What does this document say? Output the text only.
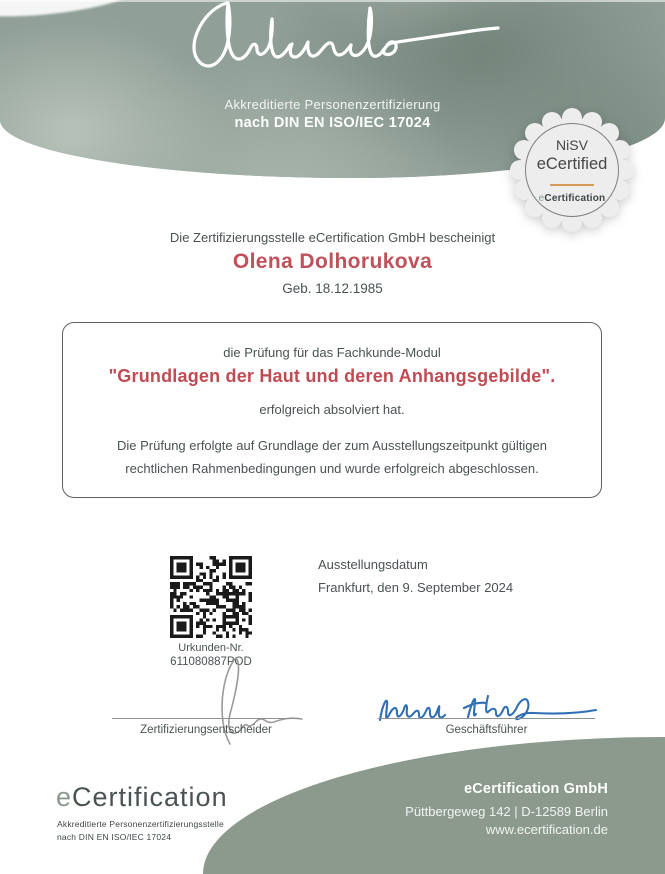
Akkreditierte Personenzertifizierung
nach DIN EN ISO/IEC 17024
NiSV
eCertified
eCertification
Die Zertifizierungsstelle eCertification GmbH bescheinigt
Olena Dolhorukova
Geb. 18.12.1985
die Prüfung für das Fachkunde-Modul
"Grundlagen der Haut und deren Anhangsgebilde".
erfolgreich absolviert hat.
Die Prüfung erfolgte auf Grundlage der zum Ausstellungszeitpunkt gültigen
rechtlichen Rahmenbedingungen und wurde erfolgreich abgeschlossen.
Urkunden-Nr.
611080887POD
Ausstellungsdatum
Frankfurt, den 9. September 2024
Zertifizierungsentscheider	Geschäftsführer
eCertification
Akkreditierte Personenzertifizierungsstelle
nach DIN EN ISO/IEC 17024
eCertification GmbH
Püttbergeweg 142 | D-12589 Berlin
www.ecertification.de
